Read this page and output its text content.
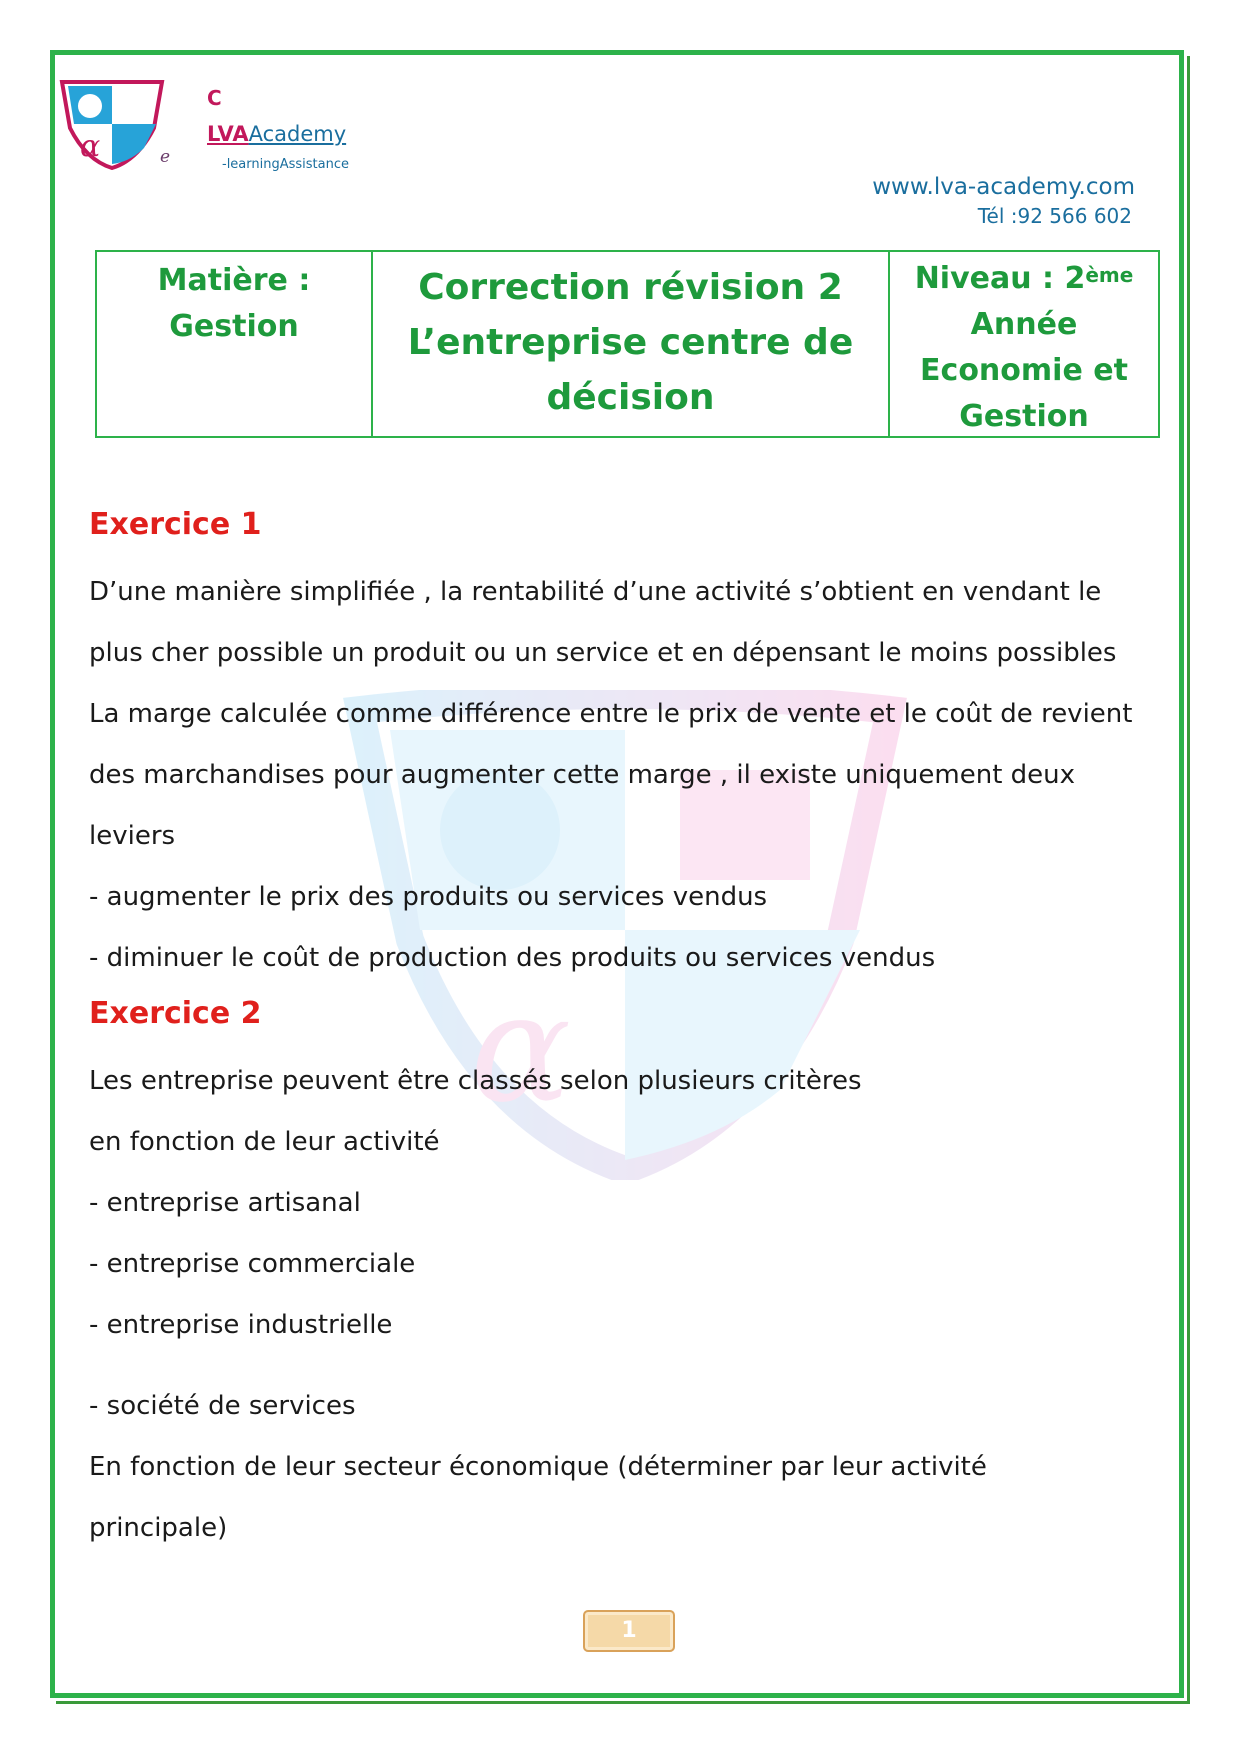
α
α	e
C
LVAAcademy
-learningAssistance
www.lva-academy.com
Tél :92 566 602
Matière :
Gestion
Correction révision 2
L’entreprise centre de
décision
Niveau : 2ème
Année
Economie et
Gestion
Exercice 1

D’une manière simplifiée , la rentabilité d’une activité s’obtient en vendant le

plus cher possible un produit ou un service et en dépensant le moins possibles

La marge calculée comme différence entre le prix de vente et le coût de revient

des marchandises pour augmenter cette marge , il existe uniquement deux

leviers

- augmenter le prix des produits ou services vendus

- diminuer le coût de production des produits ou services vendus

Exercice 2

Les entreprise peuvent être classés selon plusieurs critères

en fonction de leur activité

- entreprise artisanal

- entreprise commerciale

- entreprise industrielle

- société de services

En fonction de leur secteur économique (déterminer par leur activité

principale)

1
